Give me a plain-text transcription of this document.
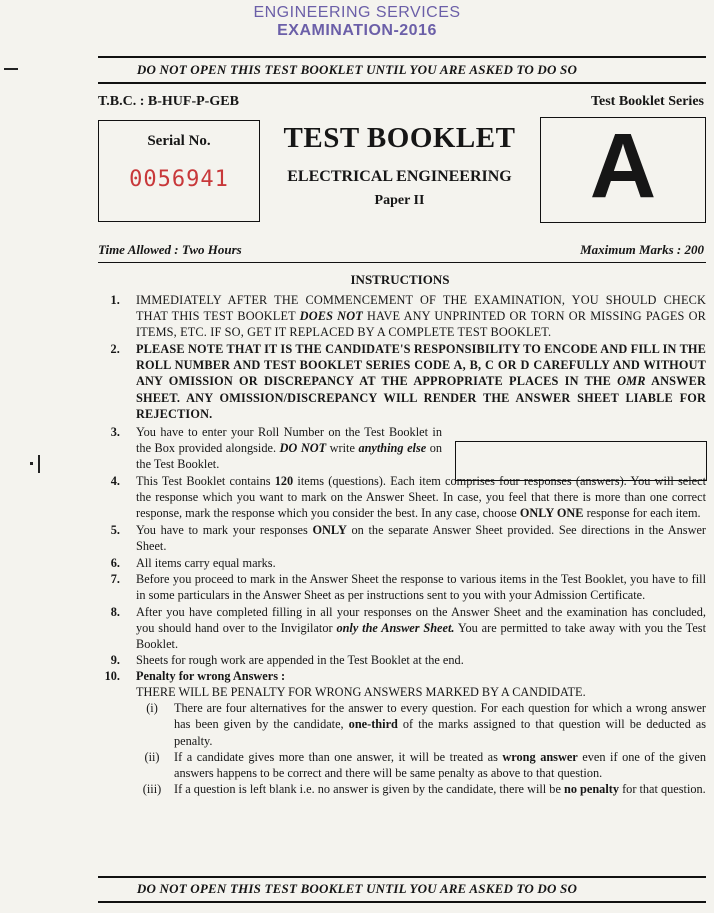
ENGINEERING SERVICES
EXAMINATION-2016
DO NOT OPEN THIS TEST BOOKLET UNTIL YOU ARE ASKED TO DO SO
T.B.C. : B-HUF-P-GEB	Test Booklet Series
Serial No.
0056941
TEST BOOKLET
ELECTRICAL ENGINEERING
Paper II	A
Time Allowed : Two Hours	Maximum Marks : 200
INSTRUCTIONS
1. IMMEDIATELY AFTER THE COMMENCEMENT OF THE EXAMINATION, YOU SHOULD CHECK THAT THIS TEST BOOKLET DOES NOT HAVE ANY UNPRINTED OR TORN OR MISSING PAGES OR ITEMS, ETC. IF SO, GET IT REPLACED BY A COMPLETE TEST BOOKLET.
2. PLEASE NOTE THAT IT IS THE CANDIDATE'S RESPONSIBILITY TO ENCODE AND FILL IN THE ROLL NUMBER AND TEST BOOKLET SERIES CODE A, B, C OR D CAREFULLY AND WITHOUT ANY OMISSION OR DISCREPANCY AT THE APPROPRIATE PLACES IN THE OMR ANSWER SHEET. ANY OMISSION/DISCREPANCY WILL RENDER THE ANSWER SHEET LIABLE FOR REJECTION.
3. You have to enter your Roll Number on the Test Booklet in the Box provided alongside. DO NOT write anything else on the Test Booklet.
4. This Test Booklet contains 120 items (questions). Each item comprises four responses (answers). You will select the response which you want to mark on the Answer Sheet. In case, you feel that there is more than one correct response, mark the response which you consider the best. In any case, choose ONLY ONE response for each item.
5. You have to mark your responses ONLY on the separate Answer Sheet provided. See directions in the Answer Sheet.
6. All items carry equal marks.
7. Before you proceed to mark in the Answer Sheet the response to various items in the Test Booklet, you have to fill in some particulars in the Answer Sheet as per instructions sent to you with your Admission Certificate.
8. After you have completed filling in all your responses on the Answer Sheet and the examination has concluded, you should hand over to the Invigilator only the Answer Sheet. You are permitted to take away with you the Test Booklet.
9. Sheets for rough work are appended in the Test Booklet at the end.
10. Penalty for wrong Answers :
THERE WILL BE PENALTY FOR WRONG ANSWERS MARKED BY A CANDIDATE.
(i)	There are four alternatives for the answer to every question. For each question for which a wrong answer has been given by the candidate, one-third of the marks assigned to that question will be deducted as penalty.
(ii)	If a candidate gives more than one answer, it will be treated as wrong answer even if one of the given answers happens to be correct and there will be same penalty as above to that question.
(iii)	If a question is left blank i.e. no answer is given by the candidate, there will be no penalty for that question.
DO NOT OPEN THIS TEST BOOKLET UNTIL YOU ARE ASKED TO DO SO
